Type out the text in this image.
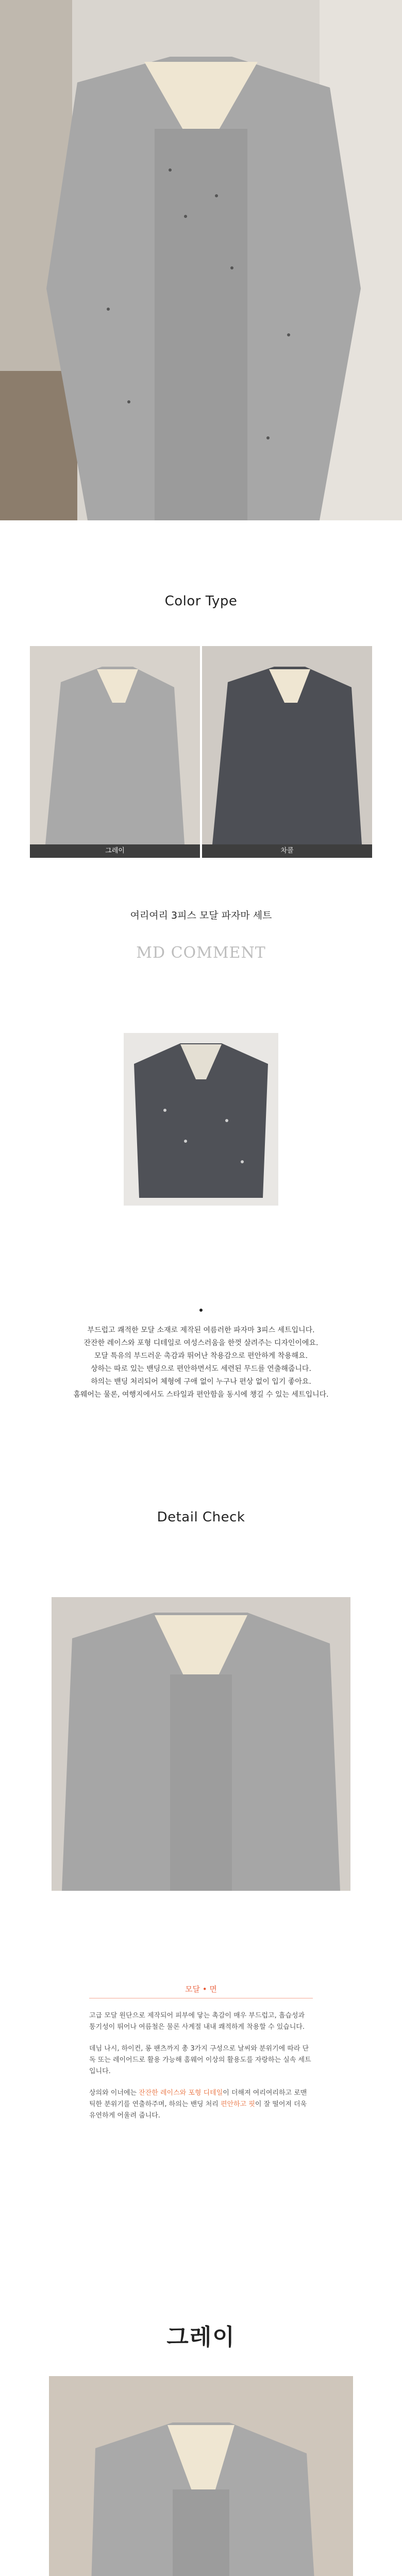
Color Type
그레이	차콜
여리여리 3피스 모달 파자마 세트
MD COMMENT
부드럽고 쾌적한 모달 소재로 제작된 여름러한 파자마 3피스 세트입니다.
잔잔한 레이스와 포형 디테일로 여성스러움을 한껏 살려주는 디자인이에요.
모달 특유의 부드러운 촉감과 뛰어난 착용감으로 편안하게 착용해요.
상하는 따로 있는 밴딩으로 편안하면서도 세련된 무드를 연출해줍니다.
하의는 밴딩 처리되어 체형에 구애 없이 누구나 편상 없이 입기 좋아요.
홈웨어는 물론, 여행지에서도 스타일과 편안함을 동시에 챙길 수 있는 세트입니다.
Detail Check
모달 • 면
고급 모달 원단으로 제작되어 피부에 닿는 촉감이 매우 부드럽고, 흡습성과 통기성이 뛰어나 여름철은 물론 사계절 내내 쾌적하게 착용할 수 있습니다.
데님 나시, 하이컨, 롱 팬츠까지 총 3가지 구성으로 날씨와 분위기에 따라 단독 또는 레이어드로 활용 가능해 홈웨어 이상의 활용도를 자랑하는 실속 세트입니다.
상의와 이너에는 잔잔한 레이스와 포형 디테일이 더해져 여리여리하고 로맨틱한 분위기를 연출하주며, 하의는 밴딩 처리 편안하고 핏이 잘 떨어져 더욱 유연하게 어울려 줍니다.
그레이
